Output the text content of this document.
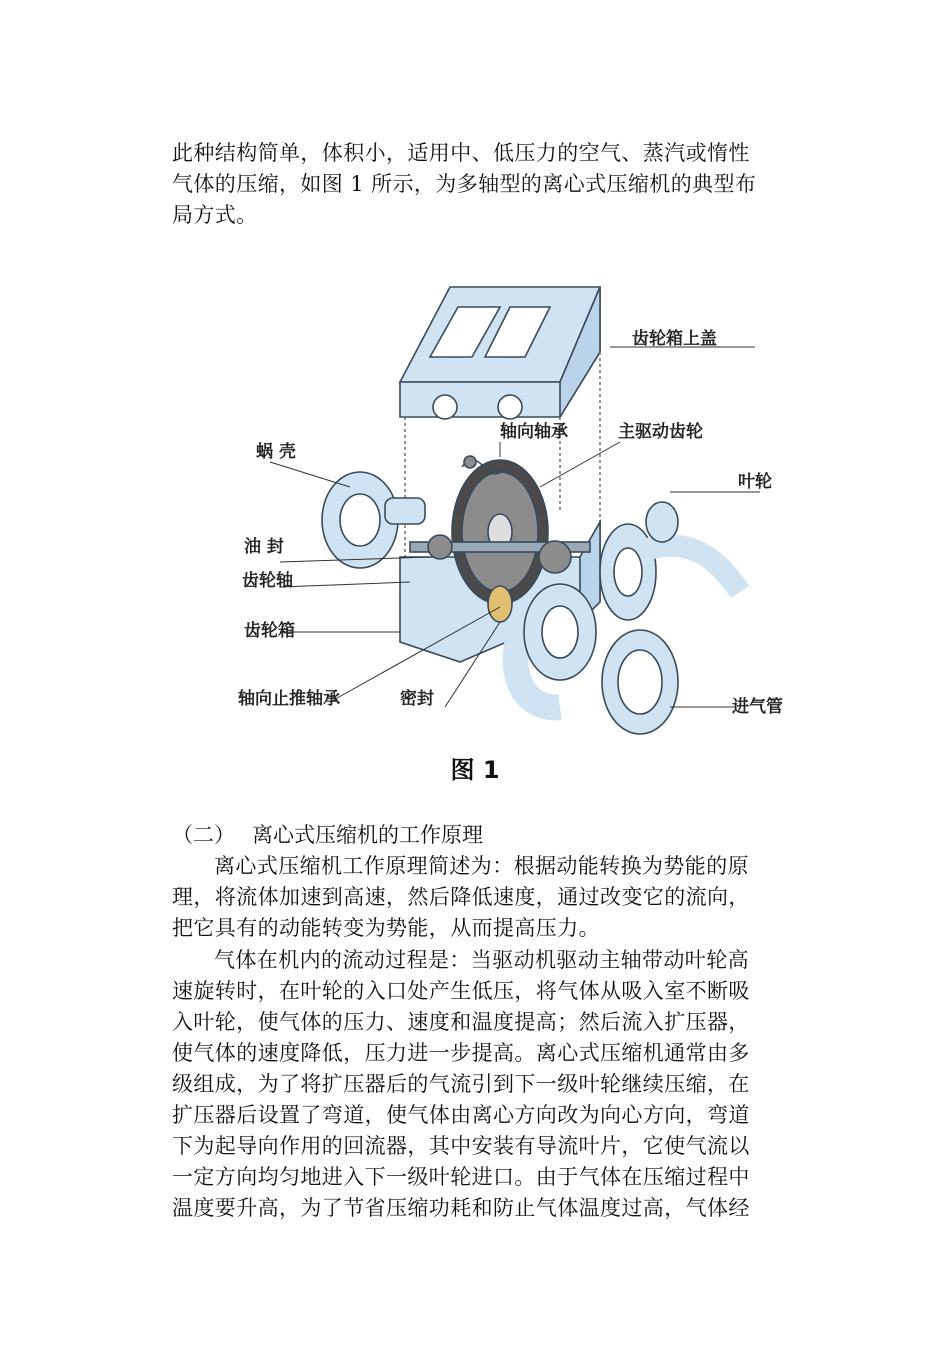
此种结构简单，体积小，适用中、低压力的空气、蒸汽或惰性
气体的压缩，如图 1 所示，为多轴型的离心式压缩机的典型布
局方式。

齿轮箱上盖
轴向轴承	主驱动齿轮
蜗 壳
叶轮
油 封
齿轮轴
齿轮箱
轴向止推轴承	密封	进气管
图 1
（二） 离心式压缩机的工作原理

离心式压缩机工作原理简述为：根据动能转换为势能的原
理，将流体加速到高速，然后降低速度，通过改变它的流向，
把它具有的动能转变为势能，从而提高压力。

气体在机内的流动过程是：当驱动机驱动主轴带动叶轮高
速旋转时，在叶轮的入口处产生低压，将气体从吸入室不断吸
入叶轮，使气体的压力、速度和温度提高；然后流入扩压器，
使气体的速度降低，压力进一步提高。离心式压缩机通常由多
级组成，为了将扩压器后的气流引到下一级叶轮继续压缩，在
扩压器后设置了弯道，使气体由离心方向改为向心方向，弯道
下为起导向作用的回流器，其中安装有导流叶片，它使气流以
一定方向均匀地进入下一级叶轮进口。由于气体在压缩过程中
温度要升高，为了节省压缩功耗和防止气体温度过高，气体经
